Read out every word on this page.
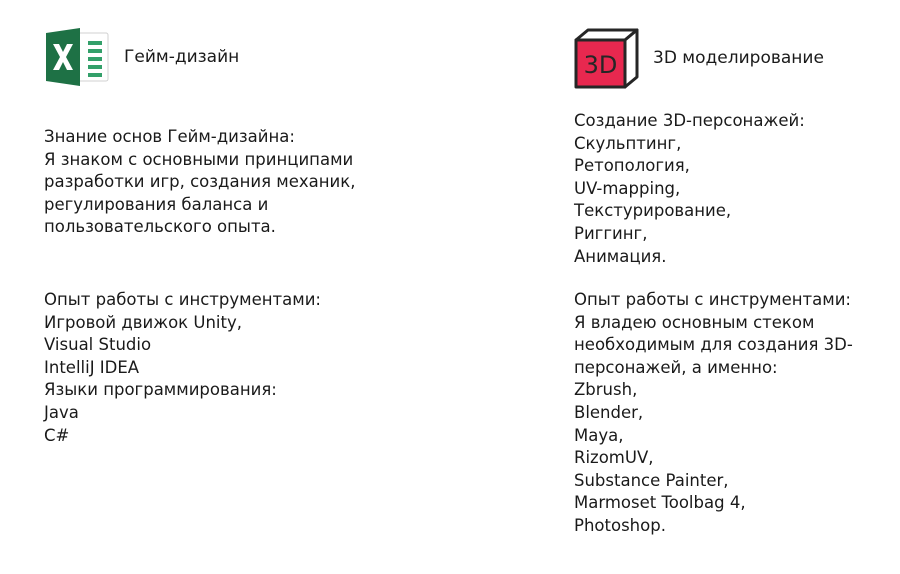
Гейм-дизайн
Знание основ Гейм-дизайна:
Я знаком с основными принципами
разработки игр, создания механик,
регулирования баланса и
пользовательского опыта.
Опыт работы с инструментами:
Игровой движок Unity,
Visual Studio
IntelliJ IDEA
Языки программирования:
Java
C#
3D 3D моделирование
Создание 3D-персонажей:
Скульптинг,
Ретопология,
UV-mapping,
Текстурирование,
Риггинг,
Анимация.
Опыт работы с инструментами:
Я владею основным стеком
необходимым для создания 3D-
персонажей, а именно:
Zbrush,
Blender,
Maya,
RizomUV,
Substance Painter,
Marmoset Toolbag 4,
Photoshop.
